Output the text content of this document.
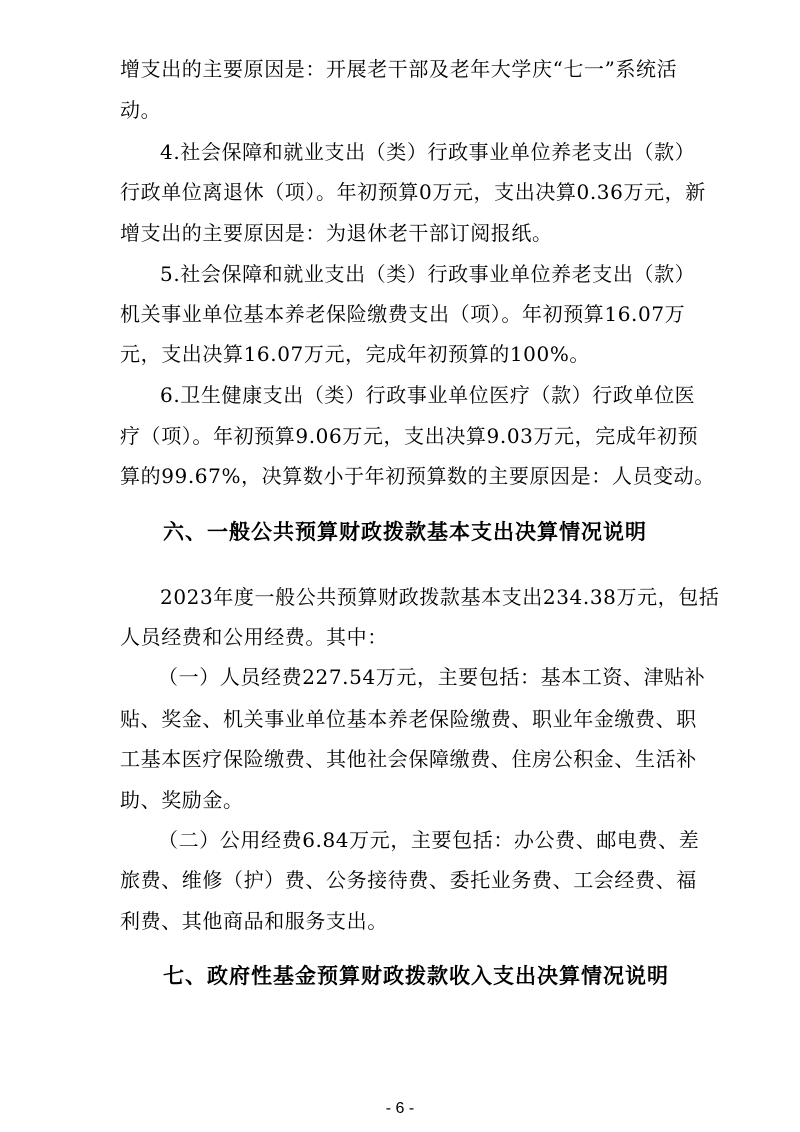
增支出的主要原因是：开展老干部及老年大学庆“七一”系统活
动。
4.社会保障和就业支出（类）行政事业单位养老支出（款）
行政单位离退休（项）。年初预算0万元，支出决算0.36万元，新
增支出的主要原因是：为退休老干部订阅报纸。
5.社会保障和就业支出（类）行政事业单位养老支出（款）
机关事业单位基本养老保险缴费支出（项）。年初预算16.07万
元，支出决算16.07万元，完成年初预算的100%。
6.卫生健康支出（类）行政事业单位医疗（款）行政单位医
疗（项）。年初预算9.06万元，支出决算9.03万元，完成年初预
算的99.67%，决算数小于年初预算数的主要原因是：人员变动。
六、一般公共预算财政拨款基本支出决算情况说明
2023年度一般公共预算财政拨款基本支出234.38万元，包括
人员经费和公用经费。其中：
（一）人员经费227.54万元，主要包括：基本工资、津贴补
贴、奖金、机关事业单位基本养老保险缴费、职业年金缴费、职
工基本医疗保险缴费、其他社会保障缴费、住房公积金、生活补
助、奖励金。
（二）公用经费6.84万元，主要包括：办公费、邮电费、差
旅费、维修（护）费、公务接待费、委托业务费、工会经费、福
利费、其他商品和服务支出。
七、政府性基金预算财政拨款收入支出决算情况说明
- 6 -
